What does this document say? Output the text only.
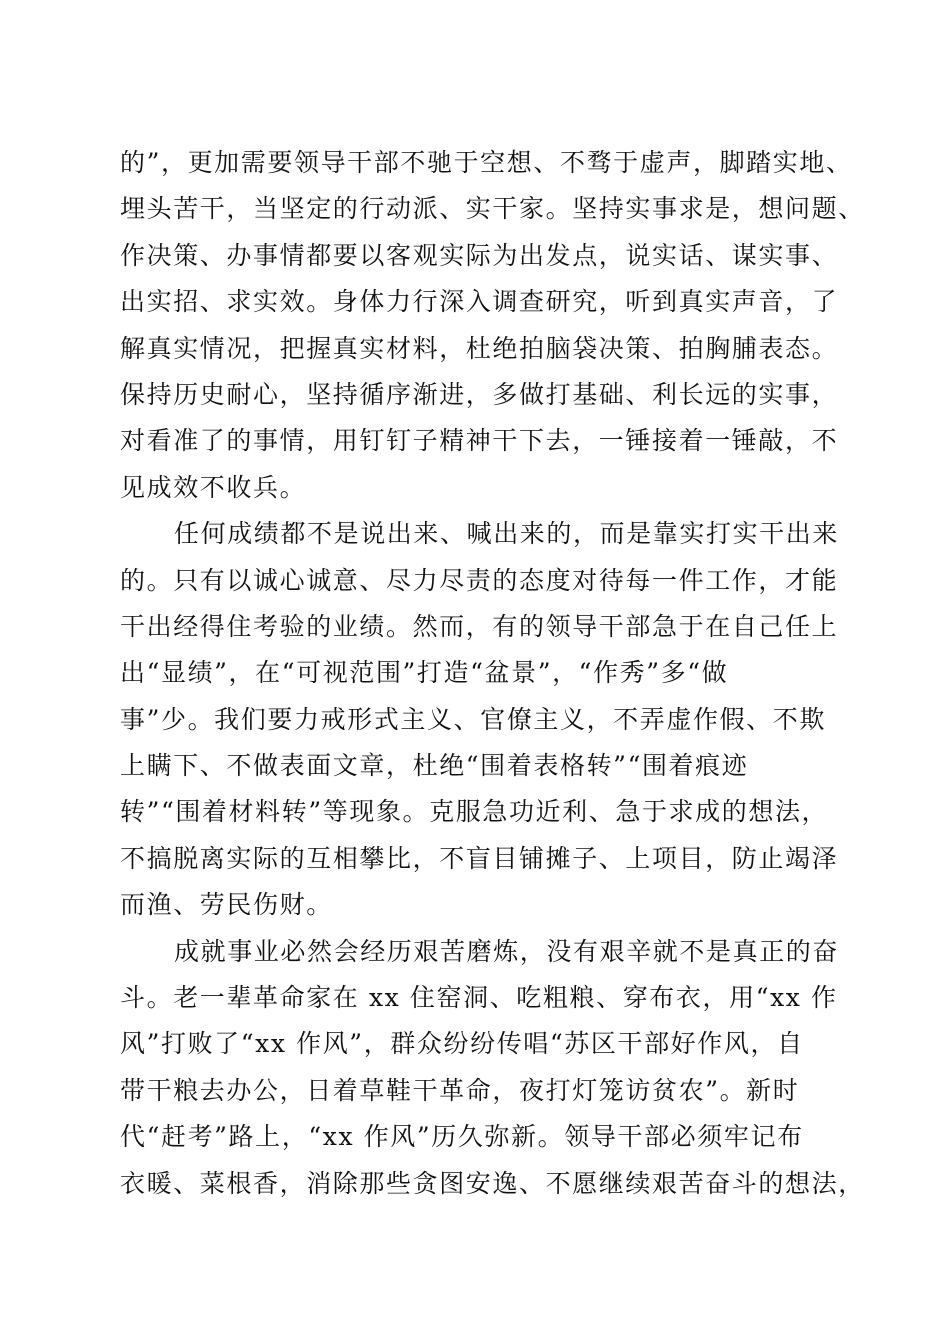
的”，更加需要领导干部不驰于空想、不骛于虚声，脚踏实地、
埋头苦干，当坚定的行动派、实干家。坚持实事求是，想问题、
作决策、办事情都要以客观实际为出发点，说实话、谋实事、
出实招、求实效。身体力行深入调查研究，听到真实声音，了
解真实情况，把握真实材料，杜绝拍脑袋决策、拍胸脯表态。
保持历史耐心，坚持循序渐进，多做打基础、利长远的实事，
对看准了的事情，用钉钉子精神干下去，一锤接着一锤敲，不
见成效不收兵。
任何成绩都不是说出来、喊出来的，而是靠实打实干出来
的。只有以诚心诚意、尽力尽责的态度对待每一件工作，才能
干出经得住考验的业绩。然而，有的领导干部急于在自己任上
出“显绩”，在“可视范围”打造“盆景”，“作秀”多“做
事”少。我们要力戒形式主义、官僚主义，不弄虚作假、不欺
上瞒下、不做表面文章，杜绝“围着表格转”“围着痕迹
转”“围着材料转”等现象。克服急功近利、急于求成的想法，
不搞脱离实际的互相攀比，不盲目铺摊子、上项目，防止竭泽
而渔、劳民伤财。
成就事业必然会经历艰苦磨炼，没有艰辛就不是真正的奋
斗。老一辈革命家在 xx 住窑洞、吃粗粮、穿布衣，用“xx 作
风”打败了“xx 作风”，群众纷纷传唱“苏区干部好作风，自
带干粮去办公，日着草鞋干革命，夜打灯笼访贫农”。新时
代“赶考”路上，“xx 作风”历久弥新。领导干部必须牢记布
衣暖、菜根香，消除那些贪图安逸、不愿继续艰苦奋斗的想法，
